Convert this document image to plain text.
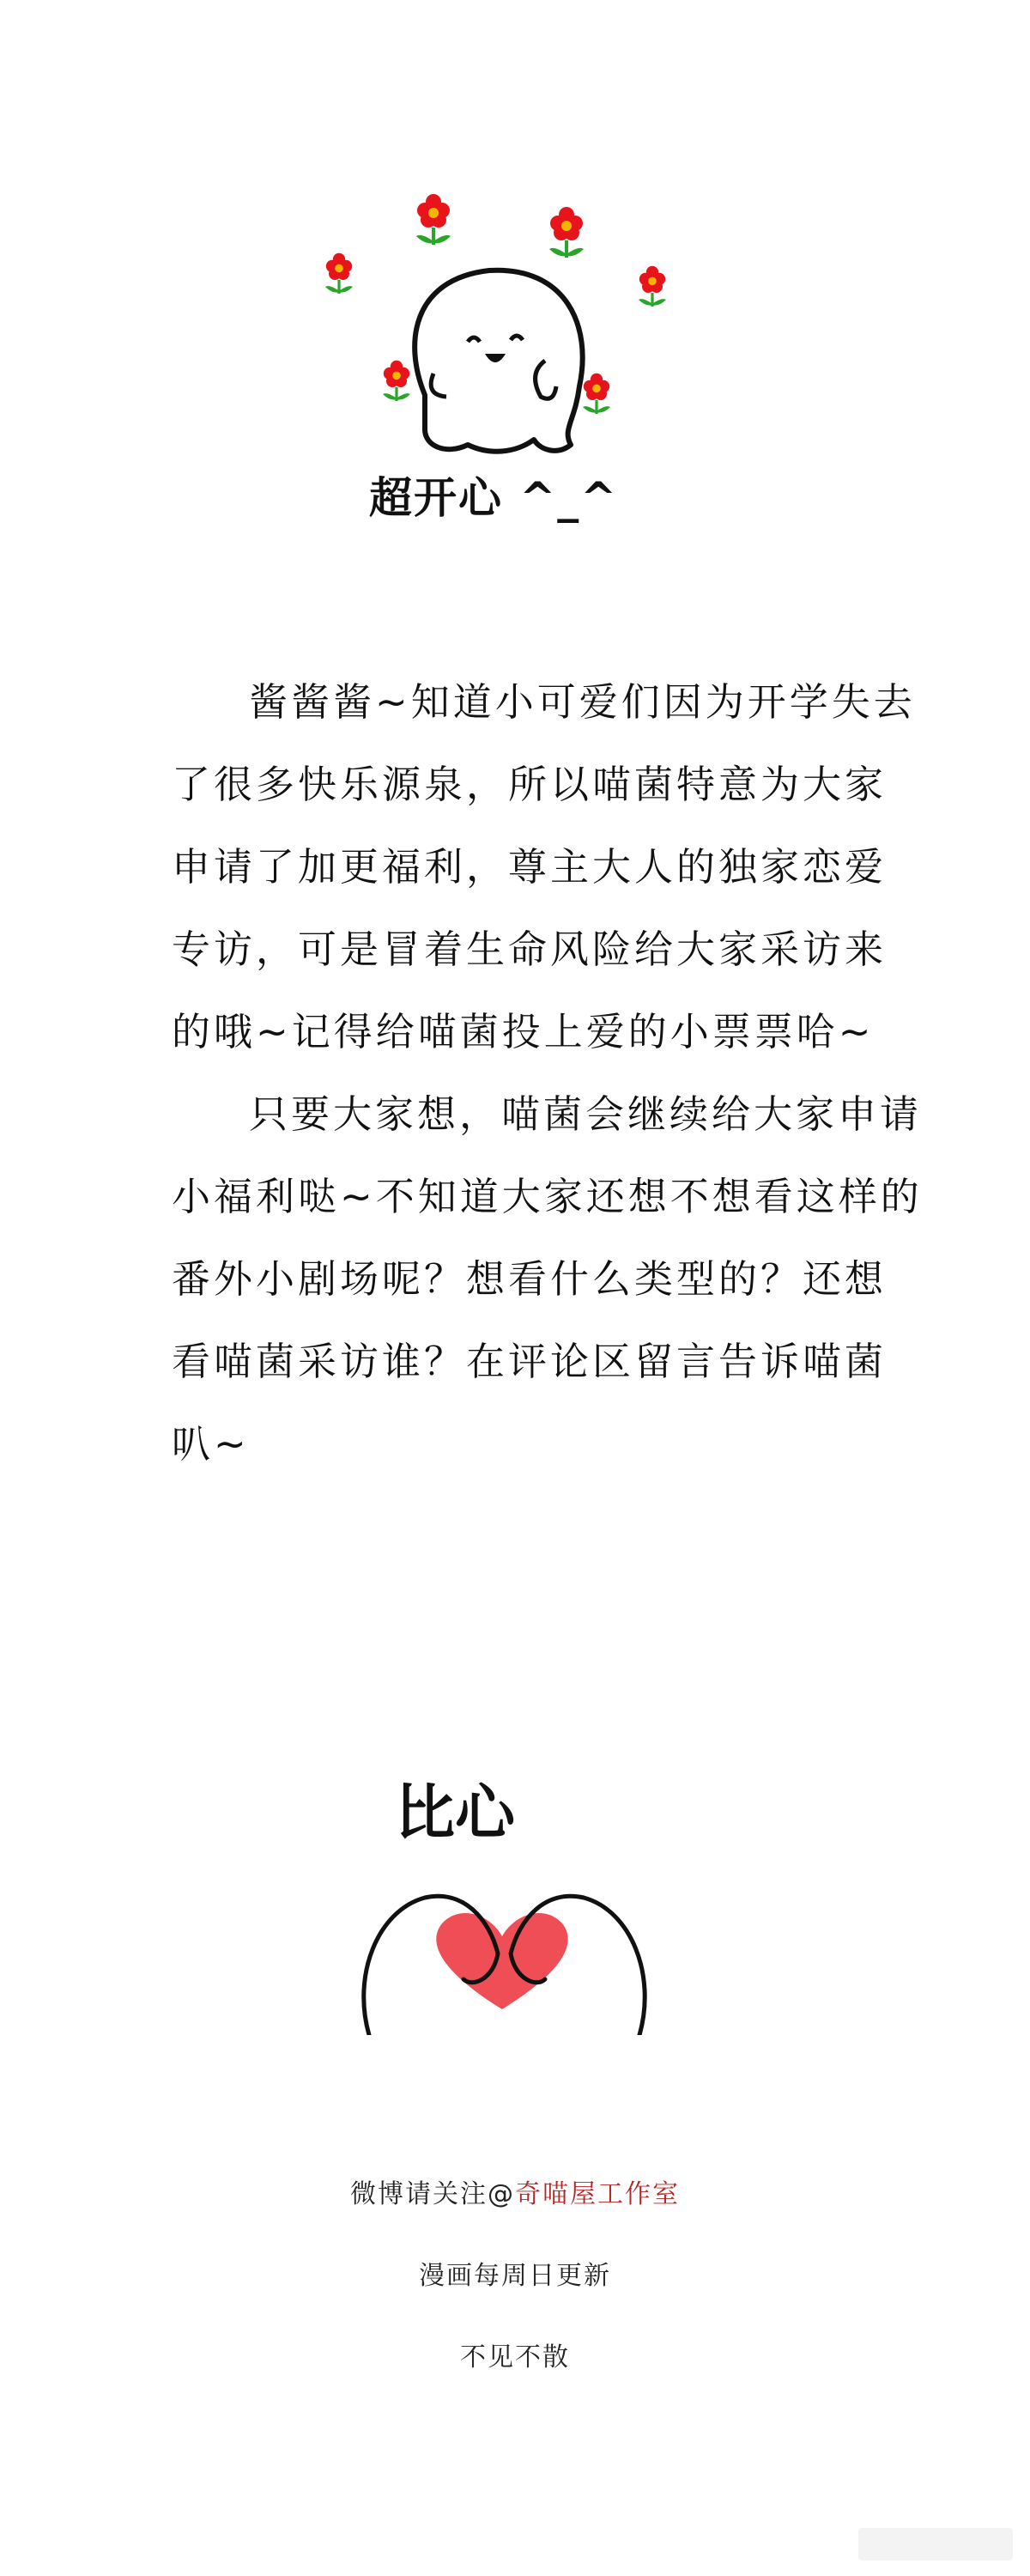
超开心 ^_^

酱酱酱~知道小可爱们因为开学失去了很多快乐源泉，所以喵菌特意为大家申请了加更福利，尊主大人的独家恋爱专访，可是冒着生命风险给大家采访来的哦~记得给喵菌投上爱的小票票哈~

只要大家想，喵菌会继续给大家申请小福利哒~不知道大家还想不想看这样的番外小剧场呢？想看什么类型的？还想看喵菌采访谁？在评论区留言告诉喵菌叭~

比心
微博请关注@奇喵屋工作室
漫画每周日更新
不见不散
